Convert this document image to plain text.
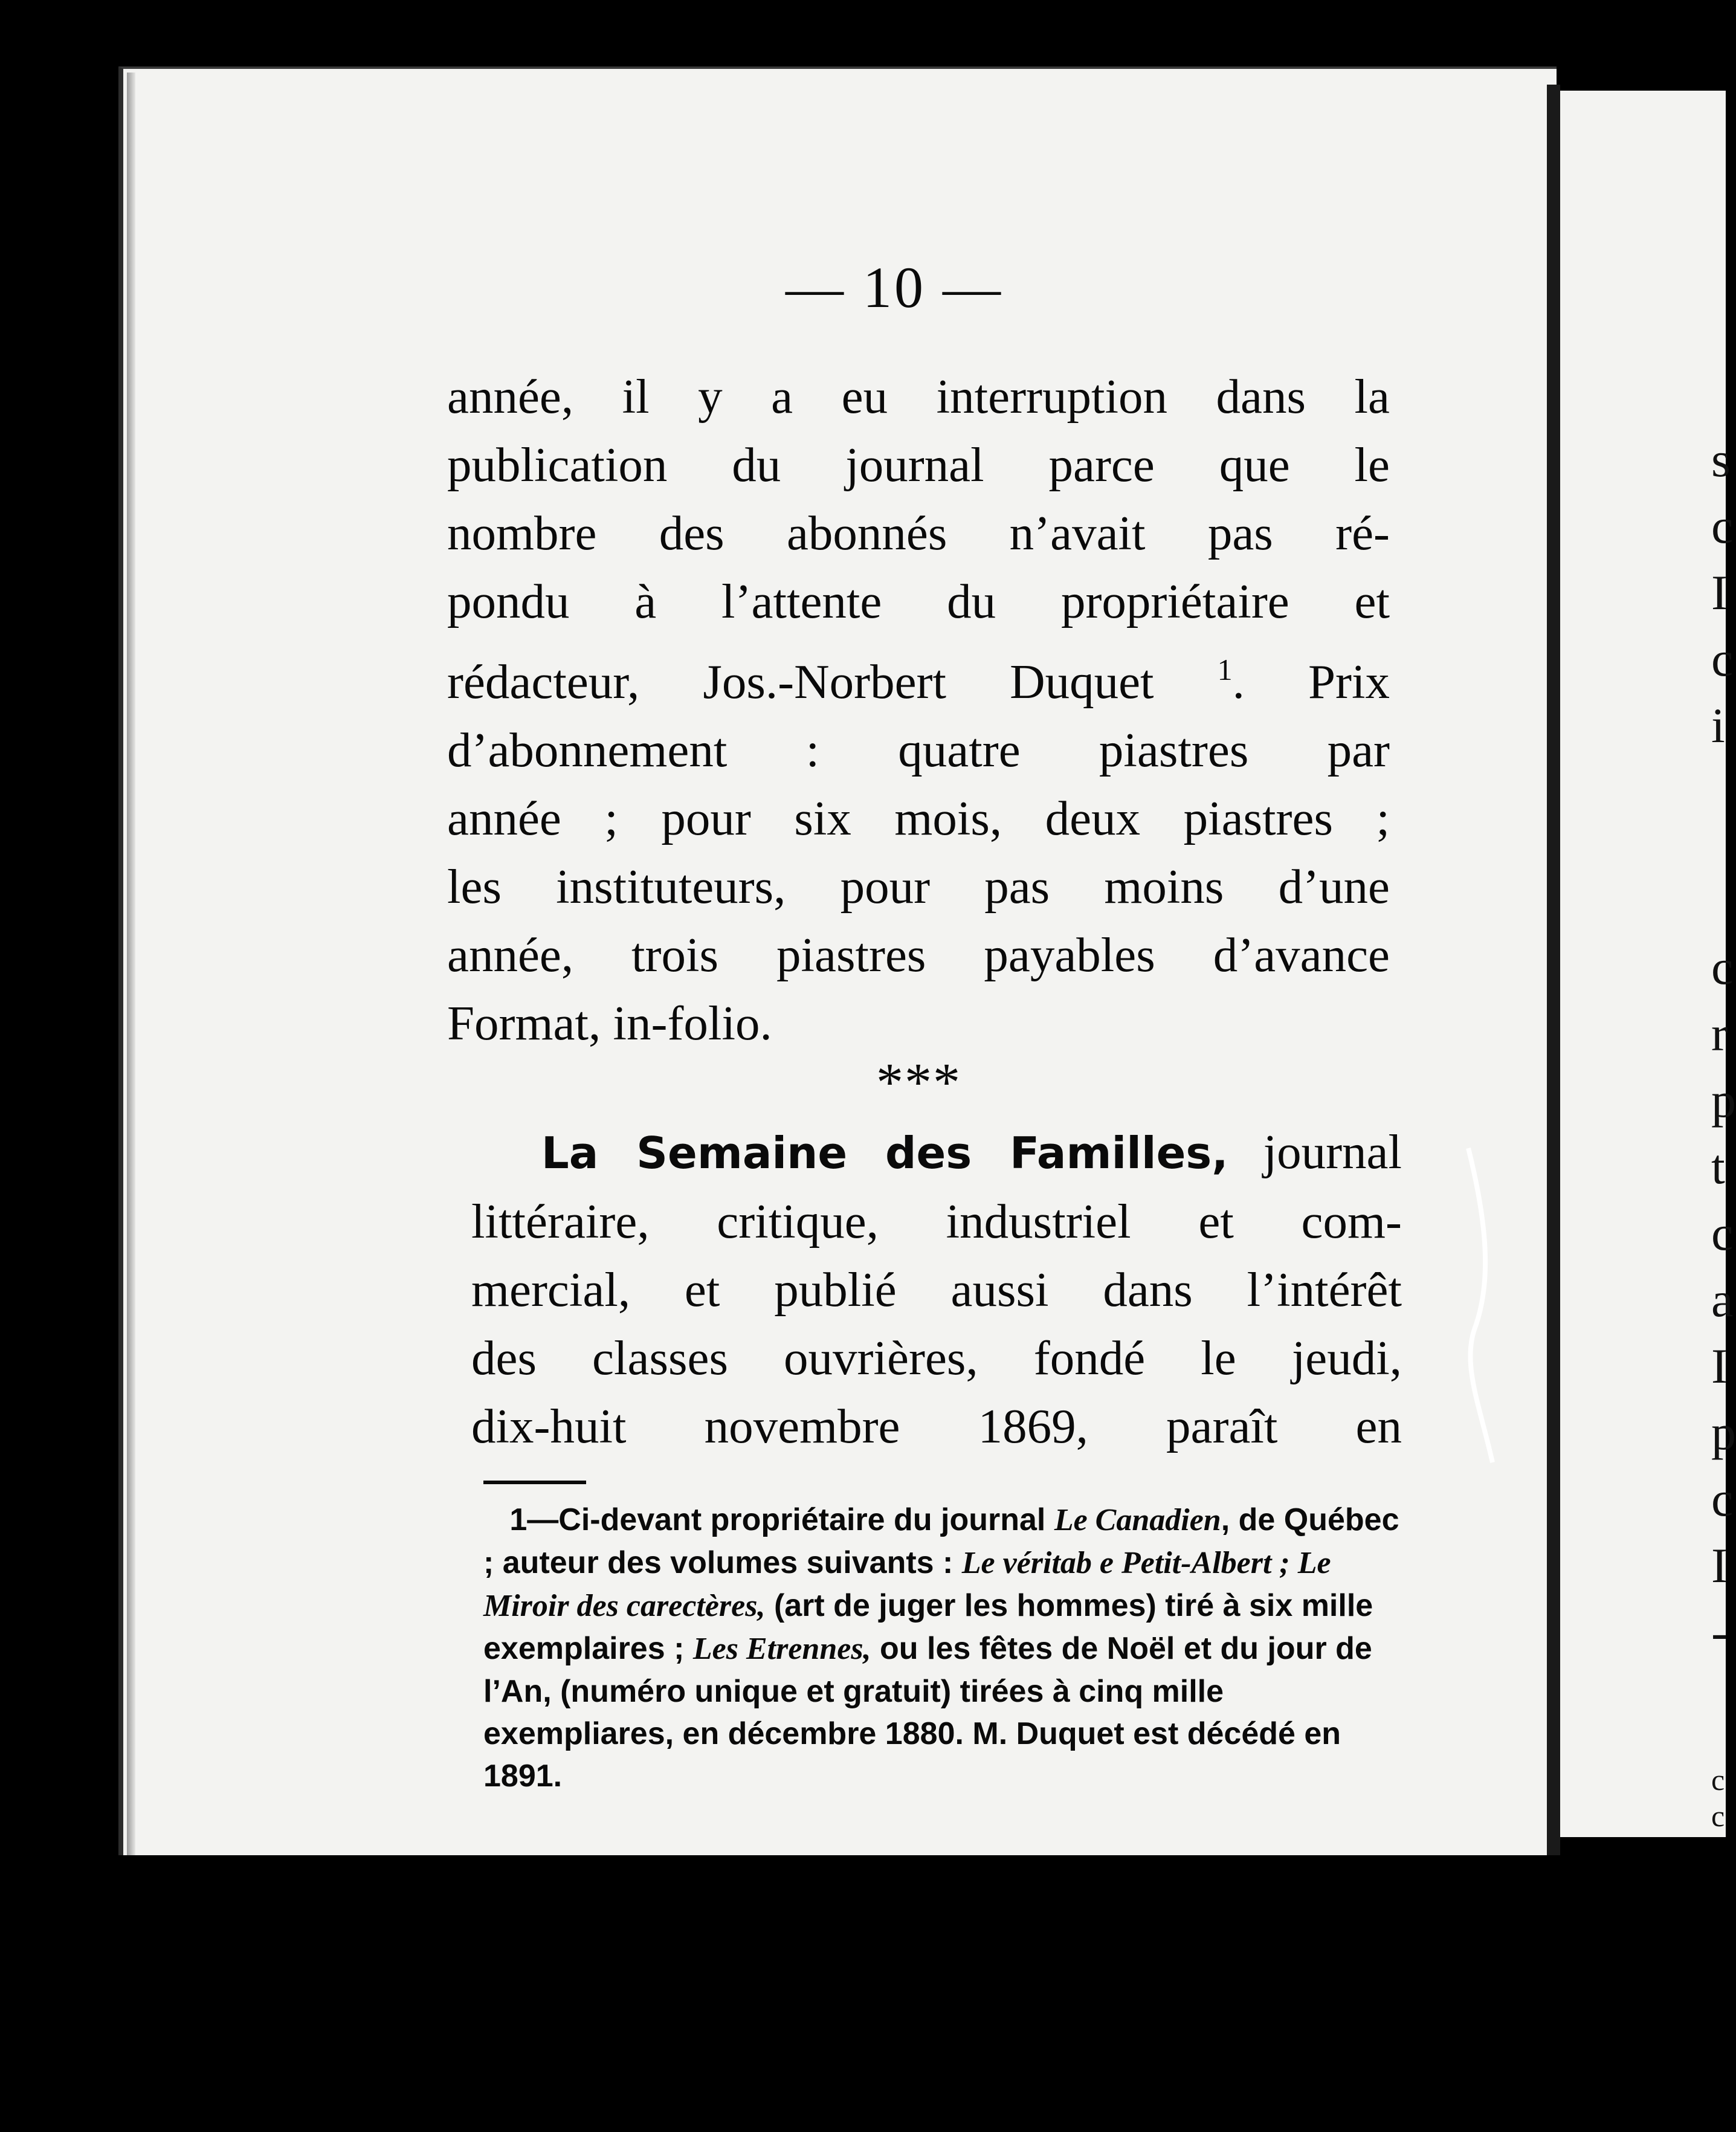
— 10 —

année, il y a eu interruption dans la
publication du journal parce que le
nombre des abonnés n’avait pas ré-
pondu à l’attente du propriétaire et
rédacteur, Jos.-Norbert Duquet $^1$. Prix
d’abonnement : quatre piastres par
année ; pour six mois, deux piastres ;
les instituteurs, pour pas moins d’une
année, trois piastres payables d’avance
Format, in-folio.

***

La Semaine des Familles, journal
littéraire, critique, industriel et com-
mercial, et publié aussi dans l’intérêt
des classes ouvrières, fondé le jeudi,
dix-huit novembre 1869, paraît en

1—Ci-devant propriétaire du journal Le Canadien, de Québec ; auteur des volumes suivants : Le véritab e Petit-Albert ; Le Miroir des carectères, (art de juger les hommes) tiré à six mille exemplaires ; Les Etrennes, ou les fêtes de Noël et du jour de l’An, (numéro unique et gratuit) tirées à cinq mille exempliares, en décembre 1880. M. Duquet est décédé en 1891.

s
c
I
c
i
c
r
p
t
c
a
I
p
c
I
-
c
c
